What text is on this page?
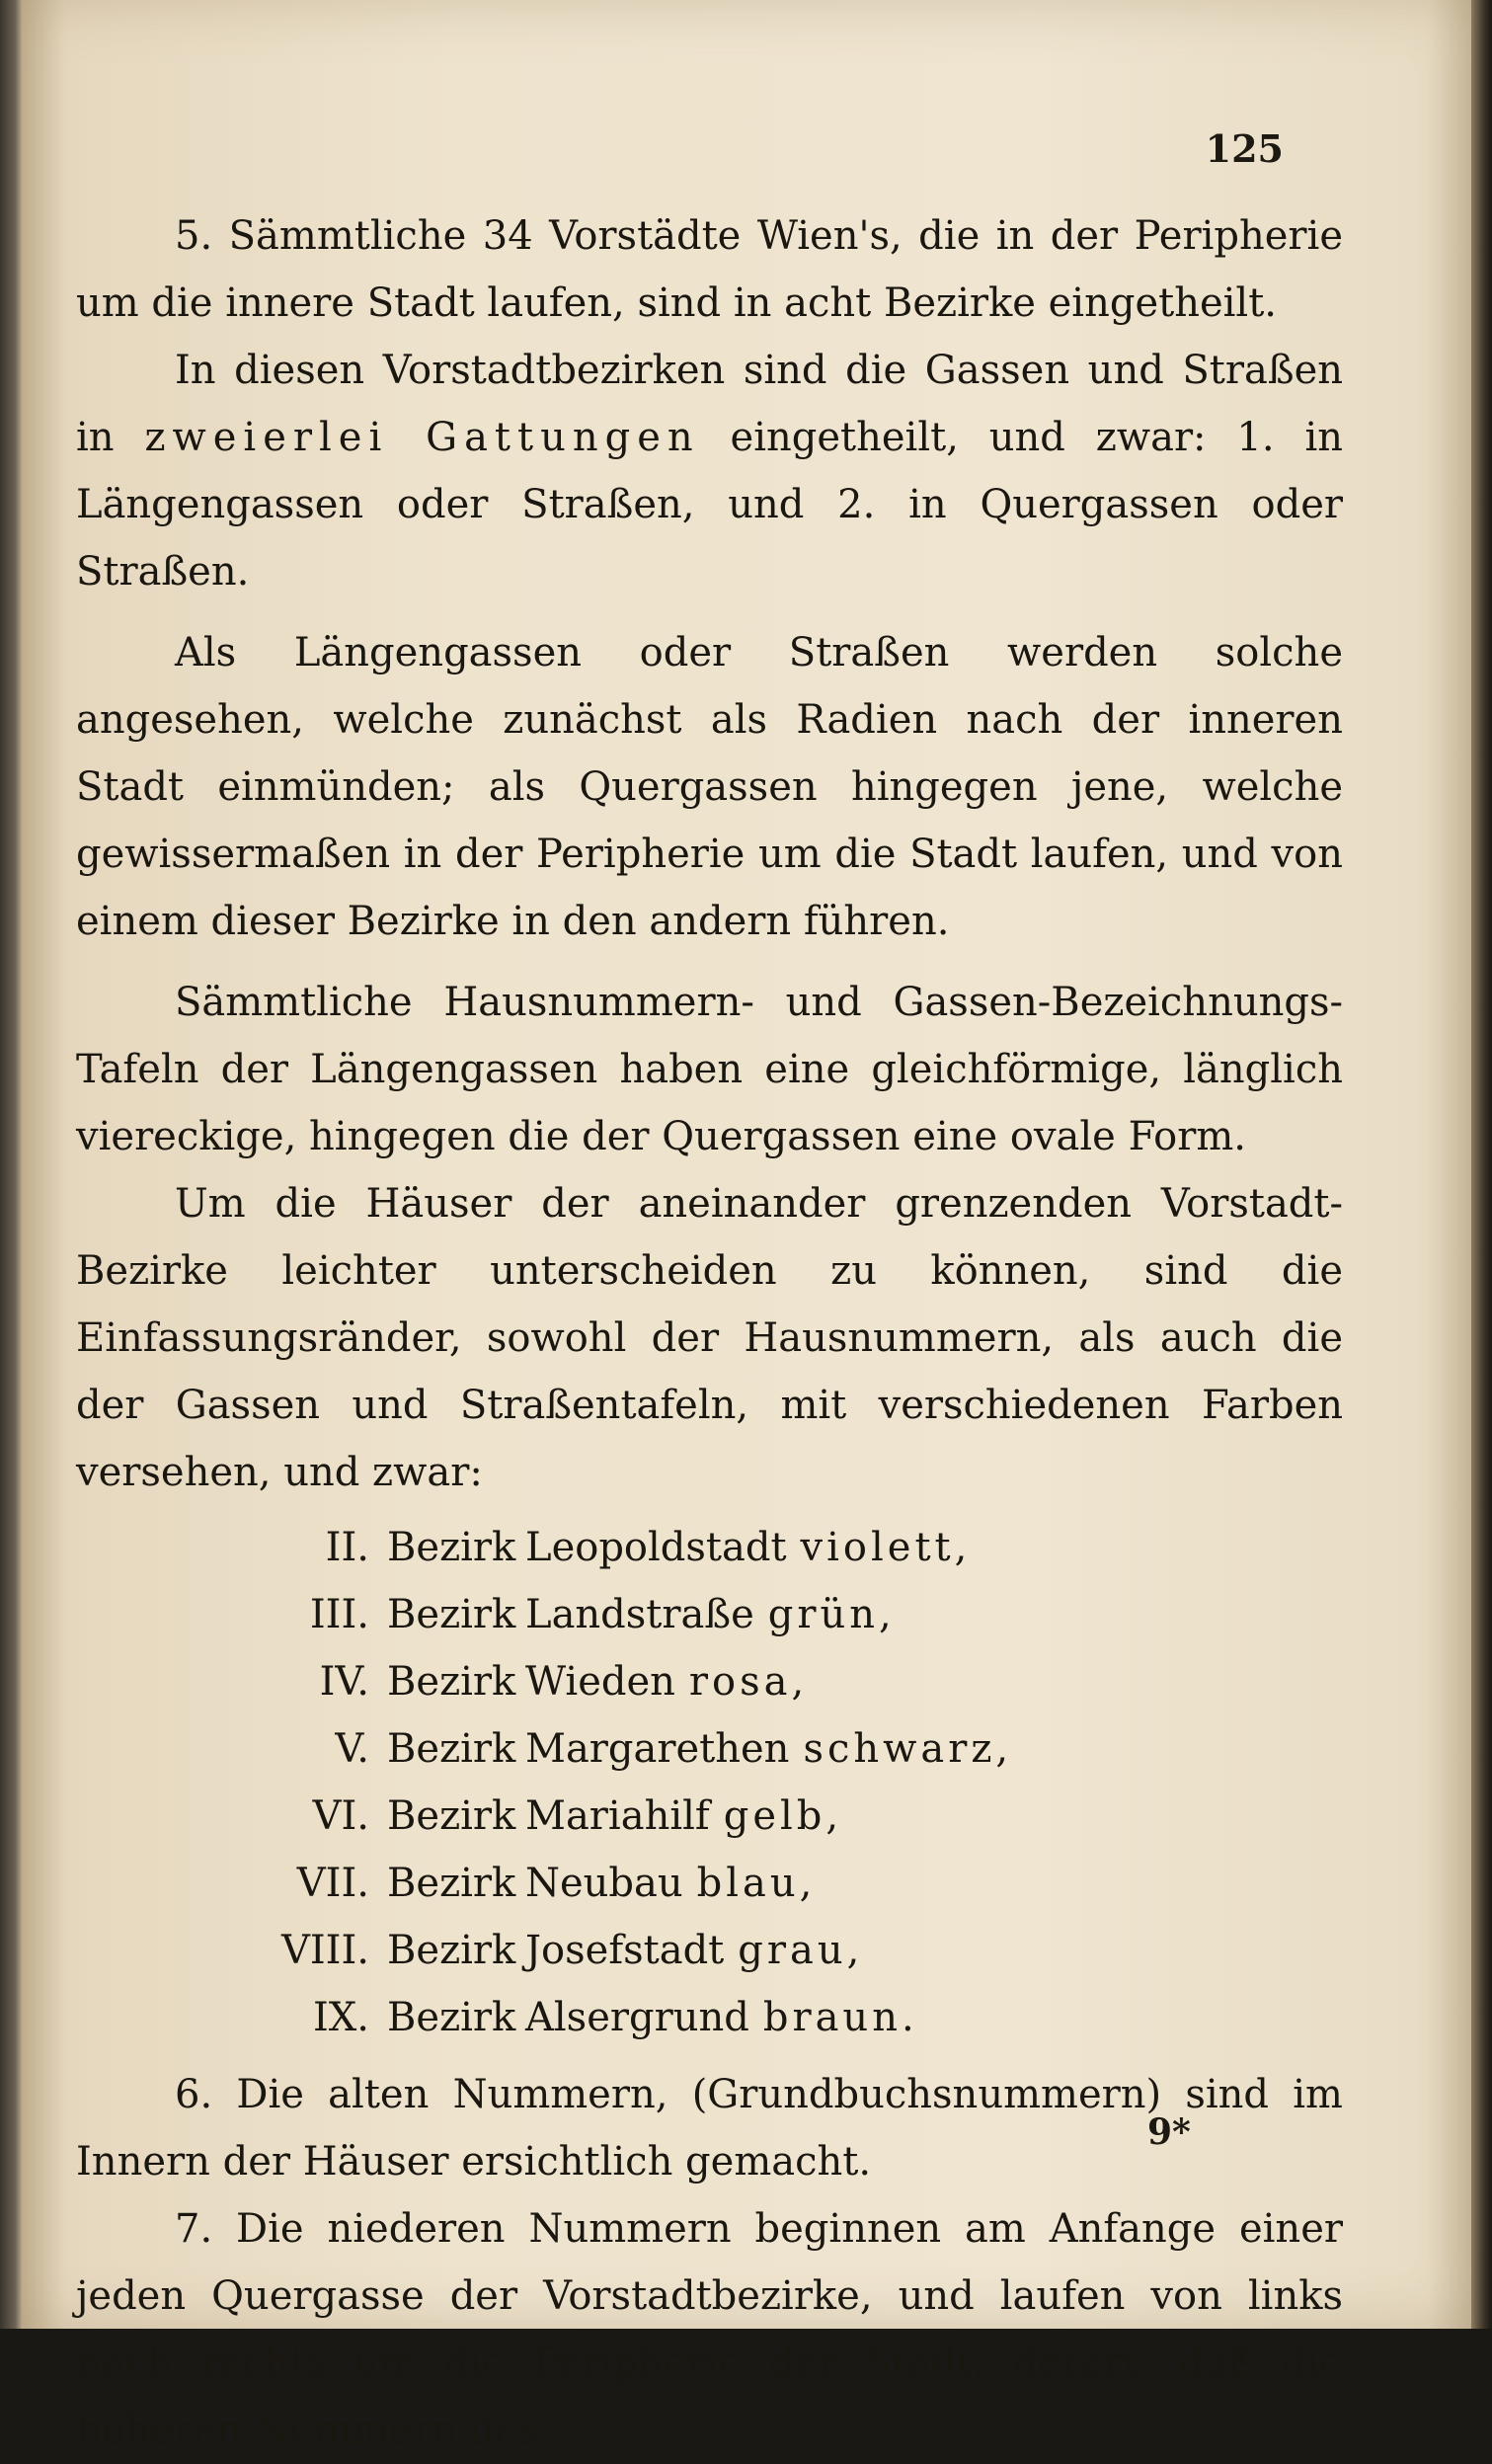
125

5. Sämmtliche 34 Vorstädte Wien's, die in der Peripherie um die innere Stadt laufen, sind in acht Bezirke eingetheilt.

In diesen Vorstadtbezirken sind die Gassen und Straßen in zweierlei Gattungen eingetheilt, und zwar: 1. in Längengassen oder Straßen, und 2. in Quergassen oder Straßen.

Als Längengassen oder Straßen werden solche angesehen, welche zunächst als Radien nach der inneren Stadt einmünden; als Quergassen hingegen jene, welche gewissermaßen in der Peripherie um die Stadt laufen, und von einem dieser Bezirke in den andern führen.

Sämmtliche Hausnummern- und Gassen-Bezeichnungs-Tafeln der Längengassen haben eine gleichförmige, länglich viereckige, hingegen die der Quergassen eine ovale Form.

Um die Häuser der aneinander grenzenden Vorstadt-Bezirke leichter unterscheiden zu können, sind die Einfassungsränder, sowohl der Hausnummern, als auch die der Gassen und Straßentafeln, mit verschiedenen Farben versehen, und zwar:

II. Bezirk Leopoldstadt violett,
III. Bezirk Landstraße grün,
IV. Bezirk Wieden rosa,
V. Bezirk Margarethen schwarz,
VI. Bezirk Mariahilf gelb,
VII. Bezirk Neubau blau,
VIII. Bezirk Josefstadt grau,
IX. Bezirk Alsergrund braun.

6. Die alten Nummern, (Grundbuchsnummern) sind im Innern der Häuser ersichtlich gemacht.

7. Die niederen Nummern beginnen am Anfange einer jeden Quergasse der Vorstadtbezirke, und laufen von links nach rechts um die Peripherie der Stadt; derart, daß die höheren Nummern des

9*
